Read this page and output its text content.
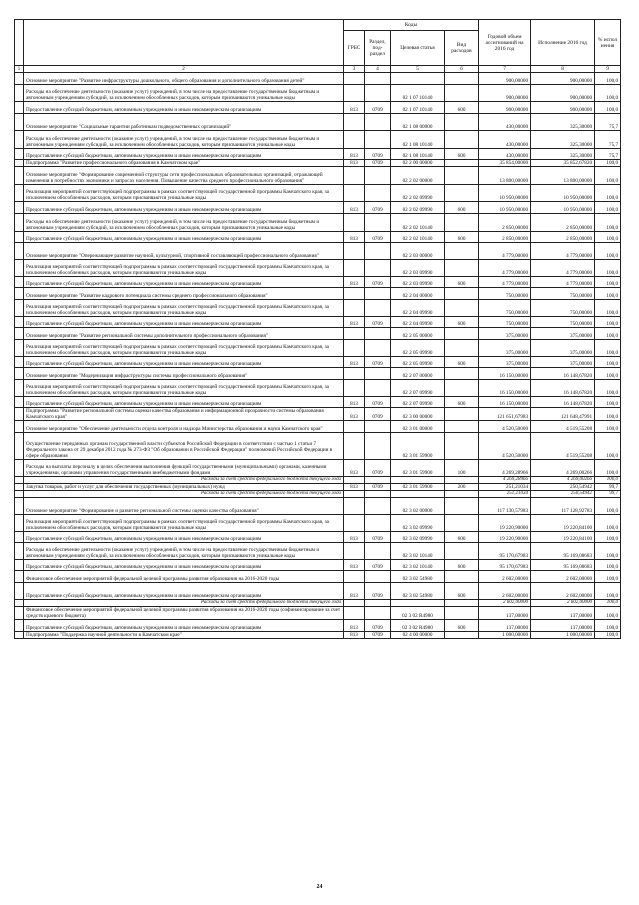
		Коды				Годовой объем ассигнований на 2016 год	Исполнение 2016 год	% испол нения
		ГРБС	Раздел, под-раздел	Целевая статья	Вид расходов			
1	2	3	4	5	6	7	8	9
	Основное мероприятие "Развитие инфраструктуры дошкольного, общего образования и дополнительного образования детей"					900,00000	900,00000	100,0
	Расходы на обеспечение деятельности (оказание услуг) учреждений, в том числе на предоставление государственным бюджетным и автономным учреждениям субсидий, за исключением обособленных расходов, которым присваиваются уникальные коды			02 1 07 10140		900,00000	900,00000	100,0
	Предоставление субсидий бюджетным, автономным учреждениям и иным некоммерческим организациям	813	0709	02 1 07 10140	600	900,00000	900,00000	100,0
	Основное мероприятие "Социальные гарантии работникам подведомственных организаций"			02 1 08 00000		430,00000	325,30000	75,7
	Расходы на обеспечение деятельности (оказание услуг) учреждений, в том числе на предоставление государственным бюджетным и автономным учреждениям субсидий, за исключением обособленных расходов, которым присваиваются уникальные коды			02 1 08 10140		430,00000	325,30000	75,7
	Предоставление субсидий бюджетным, автономным учреждениям и иным некоммерческим организациям	813	0709	02 1 08 10140	600	430,00000	325,30000	75,7
	Подпрограмма "Развитие профессионального образования в Камчатском крае"	813	0709	02 2 00 00000		35 854,00000	35 852,67820	100,0
	Основное мероприятие "Формирование современной структуры сети профессиональных образовательных организаций, отражающей изменения в потребностях экономики и запросах населения. Повышение качества среднего профессионального образования"			02 2 02 00000		13 800,00000	13 800,00000	100,0
	Реализация мероприятий соответствующей подпрограммы в рамках соответствующей государственной программы Камчатского края, за исключением обособленных расходов, которым присваиваются уникальные коды			02 2 02 09990		10 950,00000	10 950,00000	100,0
	Предоставление субсидий бюджетным, автономным учреждениям и иным некоммерческим организациям	813	0709	02 2 02 09990	600	10 950,00000	10 950,00000	100,0
	Расходы на обеспечение деятельности (оказание услуг) учреждений, в том числе на предоставление государственным бюджетным и автономным учреждениям субсидий, за исключением обособленных расходов, которым присваиваются уникальные коды			02 2 02 10140		2 850,00000	2 850,00000	100,0
	Предоставление субсидий бюджетным, автономным учреждениям и иным некоммерческим организациям	813	0709	02 2 02 10140	600	2 850,00000	2 850,00000	100,0
	Основное мероприятие "Опережающее развитие научной, культурной, спортивной составляющей профессионального образования"			02 2 03 00000		4 779,00000	4 779,00000	100,0
	Реализация мероприятий соответствующей подпрограммы в рамках соответствующей государственной программы Камчатского края, за исключением обособленных расходов, которым присваиваются уникальные коды			02 2 03 09990		4 779,00000	4 779,00000	100,0
	Предоставление субсидий бюджетным, автономным учреждениям и иным некоммерческим организациям	813	0709	02 2 03 09990	600	4 779,00000	4 779,00000	100,0
	Основное мероприятие "Развитие кадрового потенциала системы среднего профессионального образования"			02 2 04 00000		750,00000	750,00000	100,0
	Реализация мероприятий соответствующей подпрограммы в рамках соответствующей государственной программы Камчатского края, за исключением обособленных расходов, которым присваиваются уникальные коды			02 2 04 09990		750,00000	750,00000	100,0
	Предоставление субсидий бюджетным, автономным учреждениям и иным некоммерческим организациям	813	0709	02 2 04 09990	600	750,00000	750,00000	100,0
	Основное мероприятие "Развитие региональной системы дополнительного профессионального образования"			02 2 05 00000		375,00000	375,00000	100,0
	Реализация мероприятий соответствующей подпрограммы в рамках соответствующей государственной программы Камчатского края, за исключением обособленных расходов, которым присваиваются уникальные коды			02 2 05 09990		375,00000	375,00000	100,0
	Предоставление субсидий бюджетным, автономным учреждениям и иным некоммерческим организациям	813	0709	02 2 05 09990	600	375,00000	375,00000	100,0
	Основное мероприятие "Модернизация инфраструктуры системы профессионального образования"			02 2 07 00000		16 150,00000	16 148,67820	100,0
	Реализация мероприятий соответствующей подпрограммы в рамках соответствующей государственной программы Камчатского края, за исключением обособленных расходов, которым присваиваются уникальные коды			02 2 07 09990		16 150,00000	16 148,67820	100,0
	Предоставление субсидий бюджетным, автономным учреждениям и иным некоммерческим организациям	813	0709	02 2 07 09990	600	16 150,00000	16 148,67820	100,0
	Подпрограмма "Развитие региональной системы оценки качества образования и информационной прозрачности системы образования Камчатского края"	813	0709	02 3 00 00000		121 651,67983	121 648,47991	100,0
	Основное мероприятие "Обеспечение деятельности отдела контроля и надзора Министерства образования и науки Камчатского края"			02 3 01 00000		4 520,50000	4 519,55208	100,0
	Осуществление переданных органам государственной власти субъектов Российской Федерации в соответствии с частью 1 статьи 7 Федерального закона от 29 декабря 2012 года № 273-ФЗ "Об образовании в Российской Федерации" полномочий Российской Федерации в сфере образования			02 3 01 59900		4 520,50000	4 519,55208	100,0
	Расходы на выплаты персоналу в целях обеспечения выполнения функций государственными (муниципальными) органами, казенными учреждениями, органами управления государственными внебюджетными фондами	813	0709	02 3 01 59900	100	4 269,28966	4 269,00266	100,0
	Расходы за счет средств федерального бюджета текущего года					4 269,28966	4 269,00266	100,0
	Закупка товаров, работ и услуг для обеспечения государственных (муниципальных) нужд	813	0709	02 3 01 59900	200	251,21034	250,54942	99,7
	Расходы за счет средств федерального бюджета текущего года					251,21034	250,54942	99,7
	Основное мероприятие "Формирование и развитие региональной системы оценки качества образования"			02 3 02 00000		117 130,57983	117 128,92783	100,0
	Реализация мероприятий соответствующей подпрограммы в рамках соответствующей государственной программы Камчатского края, за исключением обособленных расходов, которым присваиваются уникальные коды			02 3 02 09990		19 220,90000	19 220,84100	100,0
	Предоставление субсидий бюджетным, автономным учреждениям и иным некоммерческим организациям	813	0709	02 3 02 09990	600	19 220,90000	19 220,84100	100,0
	Расходы на обеспечение деятельности (оказание услуг) учреждений, в том числе на предоставление государственным бюджетным и автономным учреждениям субсидий, за исключением обособленных расходов, которым присваиваются уникальные коды			02 3 02 10140		95 170,67983	95 169,08683	100,0
	Предоставление субсидий бюджетным, автономным учреждениям и иным некоммерческим организациям	813	0709	02 3 02 10140	600	95 170,67983	95 169,08683	100,0
	Финансовое обеспечение мероприятий федеральной целевой программы развития образования на 2016-2020 годы			02 3 02 54980		2 602,00000	2 602,00000	100,0
	Предоставление субсидий бюджетным, автономным учреждениям и иным некоммерческим организациям	813	0709	02 3 02 54980	600	2 602,00000	2 602,00000	100,0
	Расходы за счет средств федерального бюджета текущего года					2 602,00000	2 602,00000	100,0
	Финансовое обеспечение мероприятий федеральной целевой программы развития образования на 2016-2020 годы (софинансирование за счет средств краевого бюджета)			02 3 02 R4980		137,00000	137,00000	100,0
	Предоставление субсидий бюджетным, автономным учреждениям и иным некоммерческим организациям	813	0709	02 3 02 R4980	600	137,00000	137,00000	100,0
	Подпрограмма "Поддержка научной деятельности в Камчатском крае"	813	0709	02 4 00 00000		1 000,00000	1 000,00000	100,0
24
